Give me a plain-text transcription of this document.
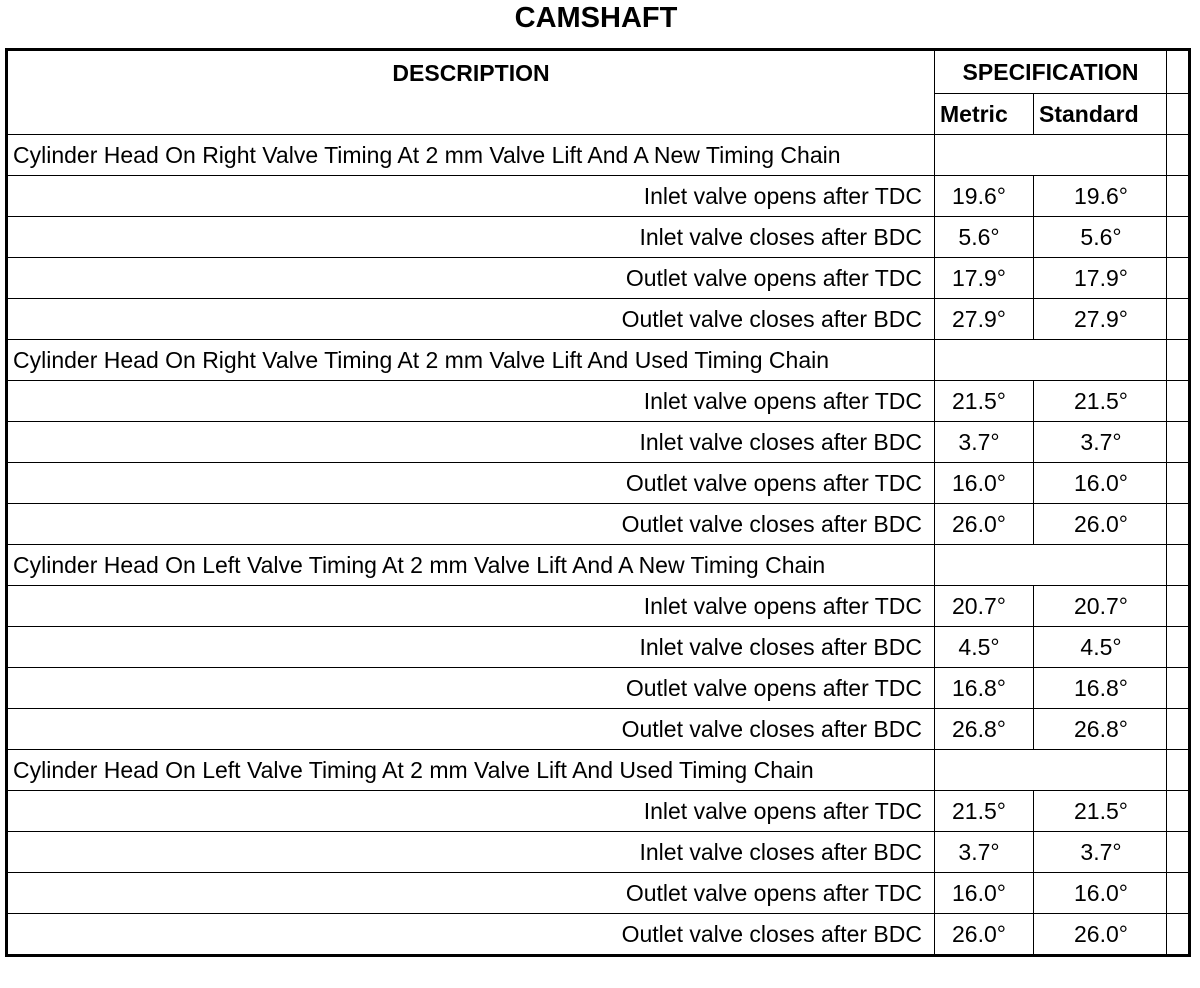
CAMSHAFT
DESCRIPTION	SPECIFICATION		
	Metric	Standard	
Cylinder Head On Right Valve Timing At 2 mm Valve Lift And A New Timing Chain			
Inlet valve opens after TDC	19.6°	19.6°	
Inlet valve closes after BDC	5.6°	5.6°	
Outlet valve opens after TDC	17.9°	17.9°	
Outlet valve closes after BDC	27.9°	27.9°	
Cylinder Head On Right Valve Timing At 2 mm Valve Lift And Used Timing Chain			
Inlet valve opens after TDC	21.5°	21.5°	
Inlet valve closes after BDC	3.7°	3.7°	
Outlet valve opens after TDC	16.0°	16.0°	
Outlet valve closes after BDC	26.0°	26.0°	
Cylinder Head On Left Valve Timing At 2 mm Valve Lift And A New Timing Chain			
Inlet valve opens after TDC	20.7°	20.7°	
Inlet valve closes after BDC	4.5°	4.5°	
Outlet valve opens after TDC	16.8°	16.8°	
Outlet valve closes after BDC	26.8°	26.8°	
Cylinder Head On Left Valve Timing At 2 mm Valve Lift And Used Timing Chain			
Inlet valve opens after TDC	21.5°	21.5°	
Inlet valve closes after BDC	3.7°	3.7°	
Outlet valve opens after TDC	16.0°	16.0°	
Outlet valve closes after BDC	26.0°	26.0°	
